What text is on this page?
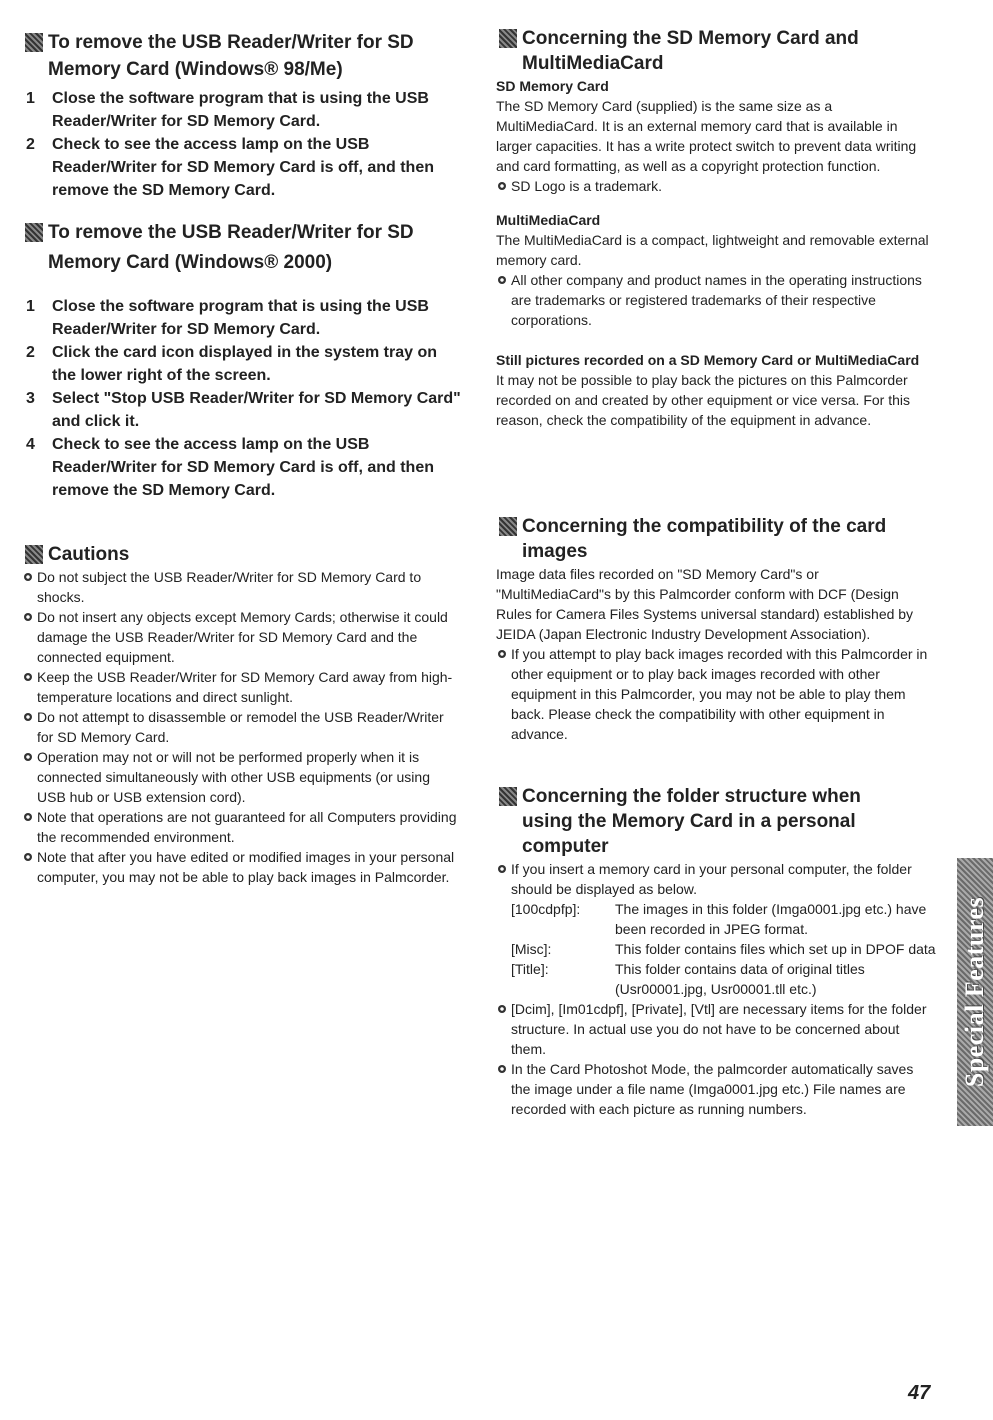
To remove the USB Reader/Writer for SD
Memory Card (Windows® 98/Me)
1 Close the software program that is using the USB Reader/Writer for SD Memory Card.
2 Check to see the access lamp on the USB Reader/Writer for SD Memory Card is off, and then remove the SD Memory Card.
To remove the USB Reader/Writer for SD
Memory Card (Windows® 2000)
1 Close the software program that is using the USB Reader/Writer for SD Memory Card.
2 Click the card icon displayed in the system tray on the lower right of the screen.
3 Select "Stop USB Reader/Writer for SD Memory Card" and click it.
4 Check to see the access lamp on the USB Reader/Writer for SD Memory Card is off, and then remove the SD Memory Card.
Cautions
Do not subject the USB Reader/Writer for SD Memory Card to shocks.
Do not insert any objects except Memory Cards; otherwise it could damage the USB Reader/Writer for SD Memory Card and the connected equipment.
Keep the USB Reader/Writer for SD Memory Card away from high-temperature locations and direct sunlight.
Do not attempt to disassemble or remodel the USB Reader/Writer for SD Memory Card.
Operation may not or will not be performed properly when it is connected simultaneously with other USB equipments (or using USB hub or USB extension cord).
Note that operations are not guaranteed for all Computers providing the recommended environment.
Note that after you have edited or modified images in your personal computer, you may not be able to play back images in Palmcorder.
Concerning the SD Memory Card and
MultiMediaCard
SD Memory Card

The SD Memory Card (supplied) is the same size as a MultiMediaCard. It is an external memory card that is available in larger capacities. It has a write protect switch to prevent data writing and card formatting, as well as a copyright protection function.

SD Logo is a trademark.
MultiMediaCard

The MultiMediaCard is a compact, lightweight and removable external memory card.

All other company and product names in the operating instructions are trademarks or registered trademarks of their respective corporations.
Still pictures recorded on a SD Memory Card or MultiMediaCard

It may not be possible to play back the pictures on this Palmcorder recorded on and created by other equipment or vice versa. For this reason, check the compatibility of the equipment in advance.

Concerning the compatibility of the card
images

Image data files recorded on "SD Memory Card"s or "MultiMediaCard"s by this Palmcorder conform with DCF (Design Rules for Camera Files Systems universal standard) established by JEIDA (Japan Electronic Industry Development Association).

If you attempt to play back images recorded with this Palmcorder in other equipment or to play back images recorded with other equipment in this Palmcorder, you may not be able to play them back. Please check the compatibility with other equipment in advance.
Concerning the folder structure when
using the Memory Card in a personal
computer
If you insert a memory card in your personal computer, the folder should be displayed as below.
[100cdpfp]:	The images in this folder (Imga0001.jpg etc.) have been recorded in JPEG format.
[Misc]:	This folder contains files which set up in DPOF data
[Title]:	This folder contains data of original titles (Usr00001.jpg, Usr00001.tll etc.)
[Dcim], [Im01cdpf], [Private], [Vtl] are necessary items for the folder structure. In actual use you do not have to be concerned about them.
In the Card Photoshot Mode, the palmcorder automatically saves the image under a file name (Imga0001.jpg etc.) File names are recorded with each picture as running numbers.
Special Features
47
